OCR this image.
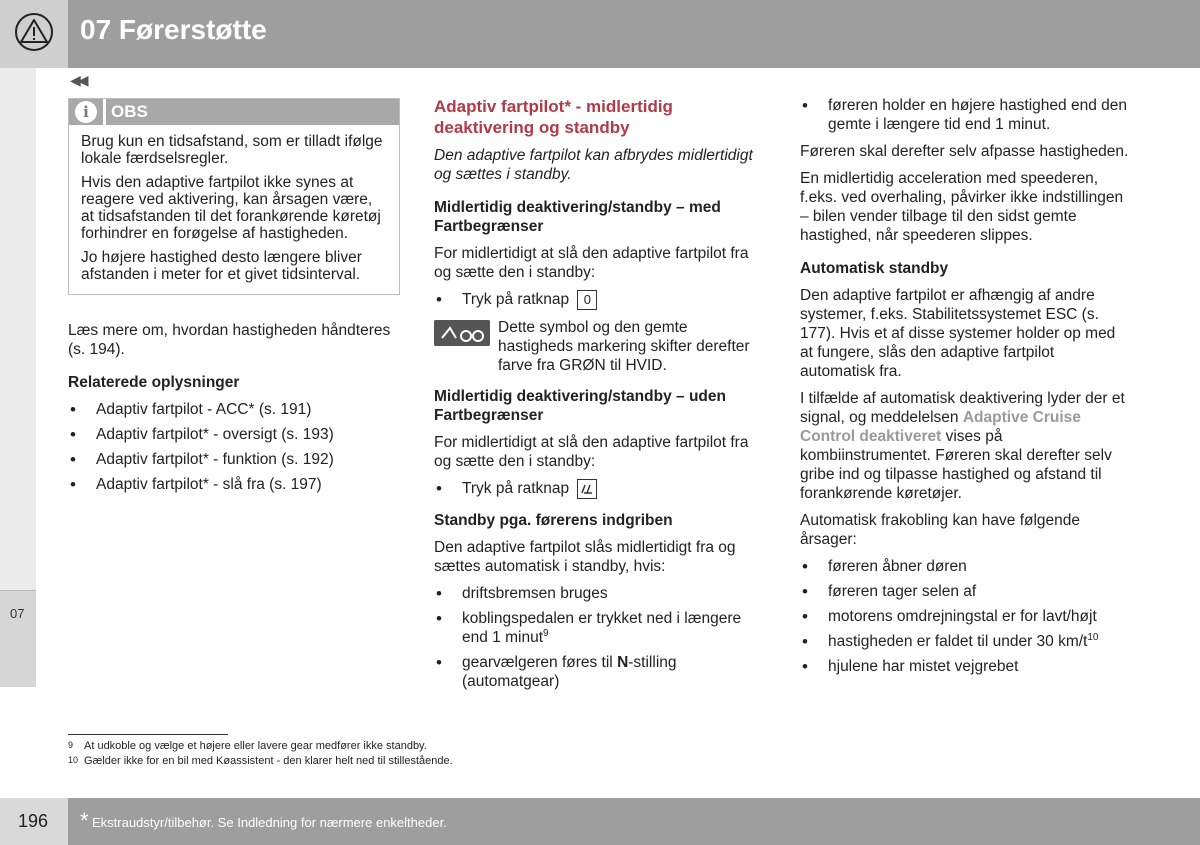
07 Førerstøtte
07
◀◀
i	OBS

Brug kun en tidsafstand, som er tilladt ifølge lokale færdselsregler.

Hvis den adaptive fartpilot ikke synes at reagere ved aktivering, kan årsagen være, at tidsafstanden til det forankørende køretøj forhindrer en forøgelse af hastigheden.

Jo højere hastighed desto længere bliver afstanden i meter for et givet tidsinterval.

Læs mere om, hvordan hastigheden håndteres (s. 194).

Relaterede oplysninger

• Adaptiv fartpilot - ACC* (s. 191)
• Adaptiv fartpilot* - oversigt (s. 193)
• Adaptiv fartpilot* - funktion (s. 192)
• Adaptiv fartpilot* - slå fra (s. 197)

Adaptiv fartpilot* - midlertidig deaktivering og standby

Den adaptive fartpilot kan afbrydes midlertidigt og sættes i standby.

Midlertidig deaktivering/standby – med Fartbegrænser

For midlertidigt at slå den adaptive fartpilot fra og sætte den i standby:

• Tryk på ratknap 0
Dette symbol og den gemte hastigheds markering skifter derefter farve fra GRØN til HVID.

Midlertidig deaktivering/standby – uden Fartbegrænser

For midlertidigt at slå den adaptive fartpilot fra og sætte den i standby:

• Tryk på ratknap

Standby pga. førerens indgriben

Den adaptive fartpilot slås midlertidigt fra og sættes automatisk i standby, hvis:

• driftsbremsen bruges
• koblingspedalen er trykket ned i længere end 1 minut$^9$
• gearvælgeren føres til N-stilling (automatgear)
• føreren holder en højere hastighed end den gemte i længere tid end 1 minut.

Føreren skal derefter selv afpasse hastigheden.

En midlertidig acceleration med speederen, f.eks. ved overhaling, påvirker ikke indstillingen – bilen vender tilbage til den sidst gemte hastighed, når speederen slippes.

Automatisk standby

Den adaptive fartpilot er afhængig af andre systemer, f.eks. Stabilitetssystemet ESC (s. 177). Hvis et af disse systemer holder op med at fungere, slås den adaptive fartpilot automatisk fra.

I tilfælde af automatisk deaktivering lyder der et signal, og meddelelsen Adaptive Cruise Control deaktiveret vises på kombiinstrumentet. Føreren skal derefter selv gribe ind og tilpasse hastighed og afstand til forankørende køretøjer.

Automatisk frakobling kan have følgende årsager:

• føreren åbner døren
• føreren tager selen af
• motorens omdrejningstal er for lavt/højt
• hastigheden er faldet til under 30 $km/t^{10}$
• hjulene har mistet vejgrebet
9 At udkoble og vælge et højere eller lavere gear medfører ikke standby.
10 Gælder ikke for en bil med Køassistent - den klarer helt ned til stillestående.
196 * Ekstraudstyr/tilbehør. Se Indledning for nærmere enkeltheder.
